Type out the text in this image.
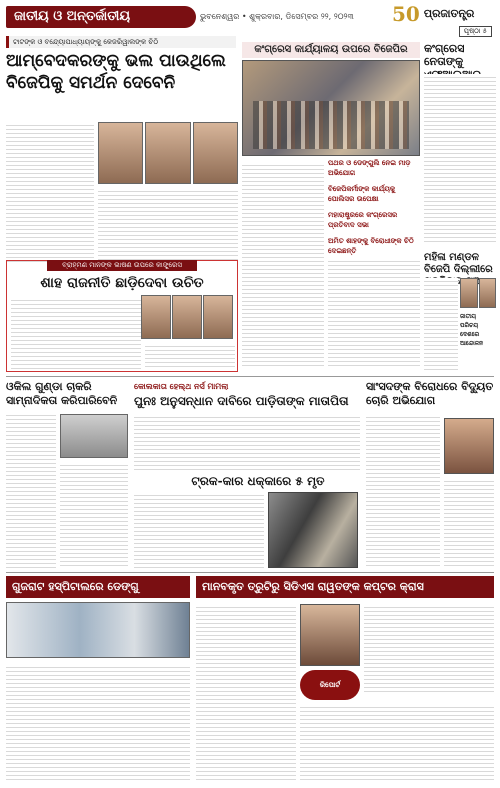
ଜାତୀୟ ଓ ଅନ୍ତର୍ଜାତୀୟ	ଭୁବନେଶ୍ୱର • ଶୁକ୍ରବାର, ଡିସେମ୍ବର ୨୨, ୨୦୨୩ 50 ପ୍ରଜାତନ୍ତ୍ର
ପୃଷ୍ଠା ୫
ଟାଟଙ୍କ ଓ ବନ୍ଦ୍ୟୋପାଧ୍ୟାୟଙ୍କୁ କେଜରିୱାଲଙ୍କ ଚିଠି
ଆମ୍ବେଦକରଙ୍କୁ ଭଲ ପାଉଥିଲେ ବିଜେପିକୁ ସମର୍ଥନ ଦେବେନି
ବ୍ରାହ୍ମଣ ମାନଙ୍କ ଭାଷଣ ଉପରେ କାଙ୍ଗ୍ରେସ
ଶାହ ରାଜନୀତି ଛାଡ଼ିଦେବା ଉଚିତ
କଂଗ୍ରେସ କାର୍ଯ୍ୟାଳୟ ଉପରେ ବିଜେପିର
ପଥର ଓ ଡେଙ୍ଗୁଲି ନେଇ ମାଡ଼ ଅଭିଯୋଗ
ବିଜେପିକର୍ମୀଙ୍କ କାର୍ଯ୍ୟକୁ ପୋଲିସର ଉପେକ୍ଷା
ମହାରାଷ୍ଟ୍ରରେ କଂଗ୍ରେସର ପ୍ରତିବାଦ ସଭା
ଅମିତ ଶାହଙ୍କୁ ବିରୋଧୀଙ୍କ ଚିଠି ଦେଇଛନ୍ତି
କଂଗ୍ରେସ ନେତାଙ୍କୁ
ମହିଳା ମଣ୍ଡଳ ବିଜେପି ଦିଲ୍ଲୀରେ
ଜାତୀୟ ପରିଚୟ
ଦେଶରେ ଆନ୍ଦୋଳନ
ଓକିଲ ଗୁଣ୍ଡା ଚାକରି ସାମ୍ନାଦିକତା କରିପାରିବେନି
କୋଲକାତା ହେଲ୍ଥ ନର୍ସ ମାମଲା
ପୁନଃ ଅନୁସନ୍ଧାନ ଦାବିରେ ପାଡ଼ିତାଙ୍କ ମାତାପିତା
ଟ୍ରକ-କାର ଧକ୍କାରେ ୫ ମୃତ
ସାଂସଦଙ୍କ ବିରୋଧରେ ବିଦ୍ୟୁତ ଚୋରି ଅଭିଯୋଗ
ଗୁଜରାଟ ହସ୍ପିଟାଲରେ ଡେଙ୍ଗୁ	ମାନବକୃତ ତ୍ରୁଟିରୁ ସିଡିଏସ ରାୱତଙ୍କ କପ୍ଟର କ୍ରାସ
ରିପୋର୍ଟ
